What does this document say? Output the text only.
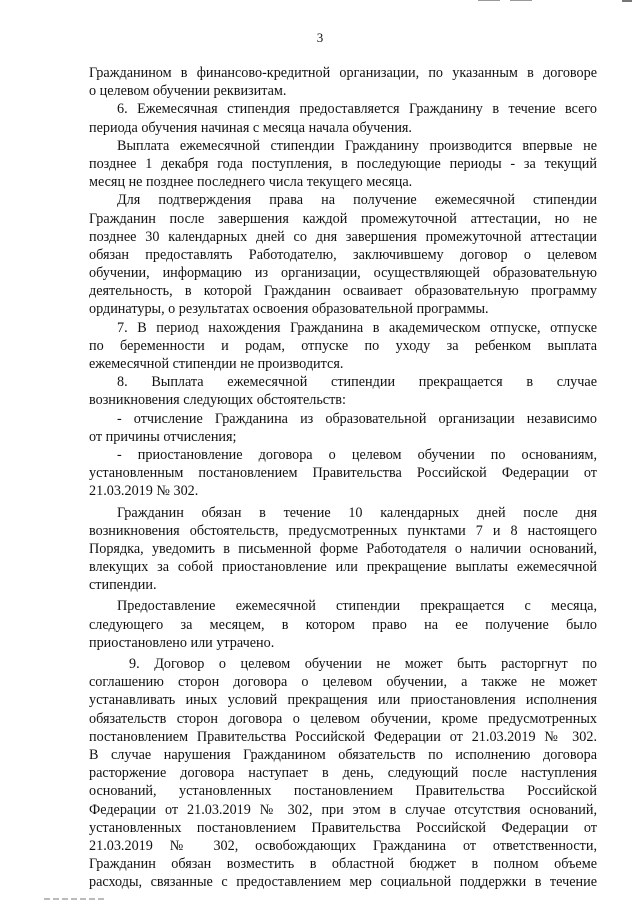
3
Гражданином в финансово-кредитной организации, по указанным в договоре
о целевом обучении реквизитам.
6. Ежемесячная стипендия предоставляется Гражданину в течение всего
периода обучения начиная с месяца начала обучения.
Выплата ежемесячной стипендии Гражданину производится впервые не
позднее 1 декабря года поступления, в последующие периоды - за текущий
месяц не позднее последнего числа текущего месяца.
Для подтверждения права на получение ежемесячной стипендии
Гражданин после завершения каждой промежуточной аттестации, но не
позднее 30 календарных дней со дня завершения промежуточной аттестации
обязан предоставлять Работодателю, заключившему договор о целевом
обучении, информацию из организации, осуществляющей образовательную
деятельность, в которой Гражданин осваивает образовательную программу
ординатуры, о результатах освоения образовательной программы.
7. В период нахождения Гражданина в академическом отпуске, отпуске
по беременности и родам, отпуске по уходу за ребенком выплата
ежемесячной стипендии не производится.
8. Выплата ежемесячной стипендии прекращается в случае
возникновения следующих обстоятельств:
- отчисление Гражданина из образовательной организации независимо
от причины отчисления;
- приостановление договора о целевом обучении по основаниям,
установленным постановлением Правительства Российской Федерации от
21.03.2019 № 302.
Гражданин обязан в течение 10 календарных дней после дня
возникновения обстоятельств, предусмотренных пунктами 7 и 8 настоящего
Порядка, уведомить в письменной форме Работодателя о наличии оснований,
влекущих за собой приостановление или прекращение выплаты ежемесячной
стипендии.
Предоставление ежемесячной стипендии прекращается с месяца,
следующего за месяцем, в котором право на ее получение было
приостановлено или утрачено.
9. Договор о целевом обучении не может быть расторгнут по
соглашению сторон договора о целевом обучении, а также не может
устанавливать иных условий прекращения или приостановления исполнения
обязательств сторон договора о целевом обучении, кроме предусмотренных
постановлением Правительства Российской Федерации от 21.03.2019 № 302.
В случае нарушения Гражданином обязательств по исполнению договора
расторжение договора наступает в день, следующий после наступления
оснований, установленных постановлением Правительства Российской
Федерации от 21.03.2019 № 302, при этом в случае отсутствия оснований,
установленных постановлением Правительства Российской Федерации от
21.03.2019 № 302, освобождающих Гражданина от ответственности,
Гражданин обязан возместить в областной бюджет в полном объеме
расходы, связанные с предоставлением мер социальной поддержки в течение
